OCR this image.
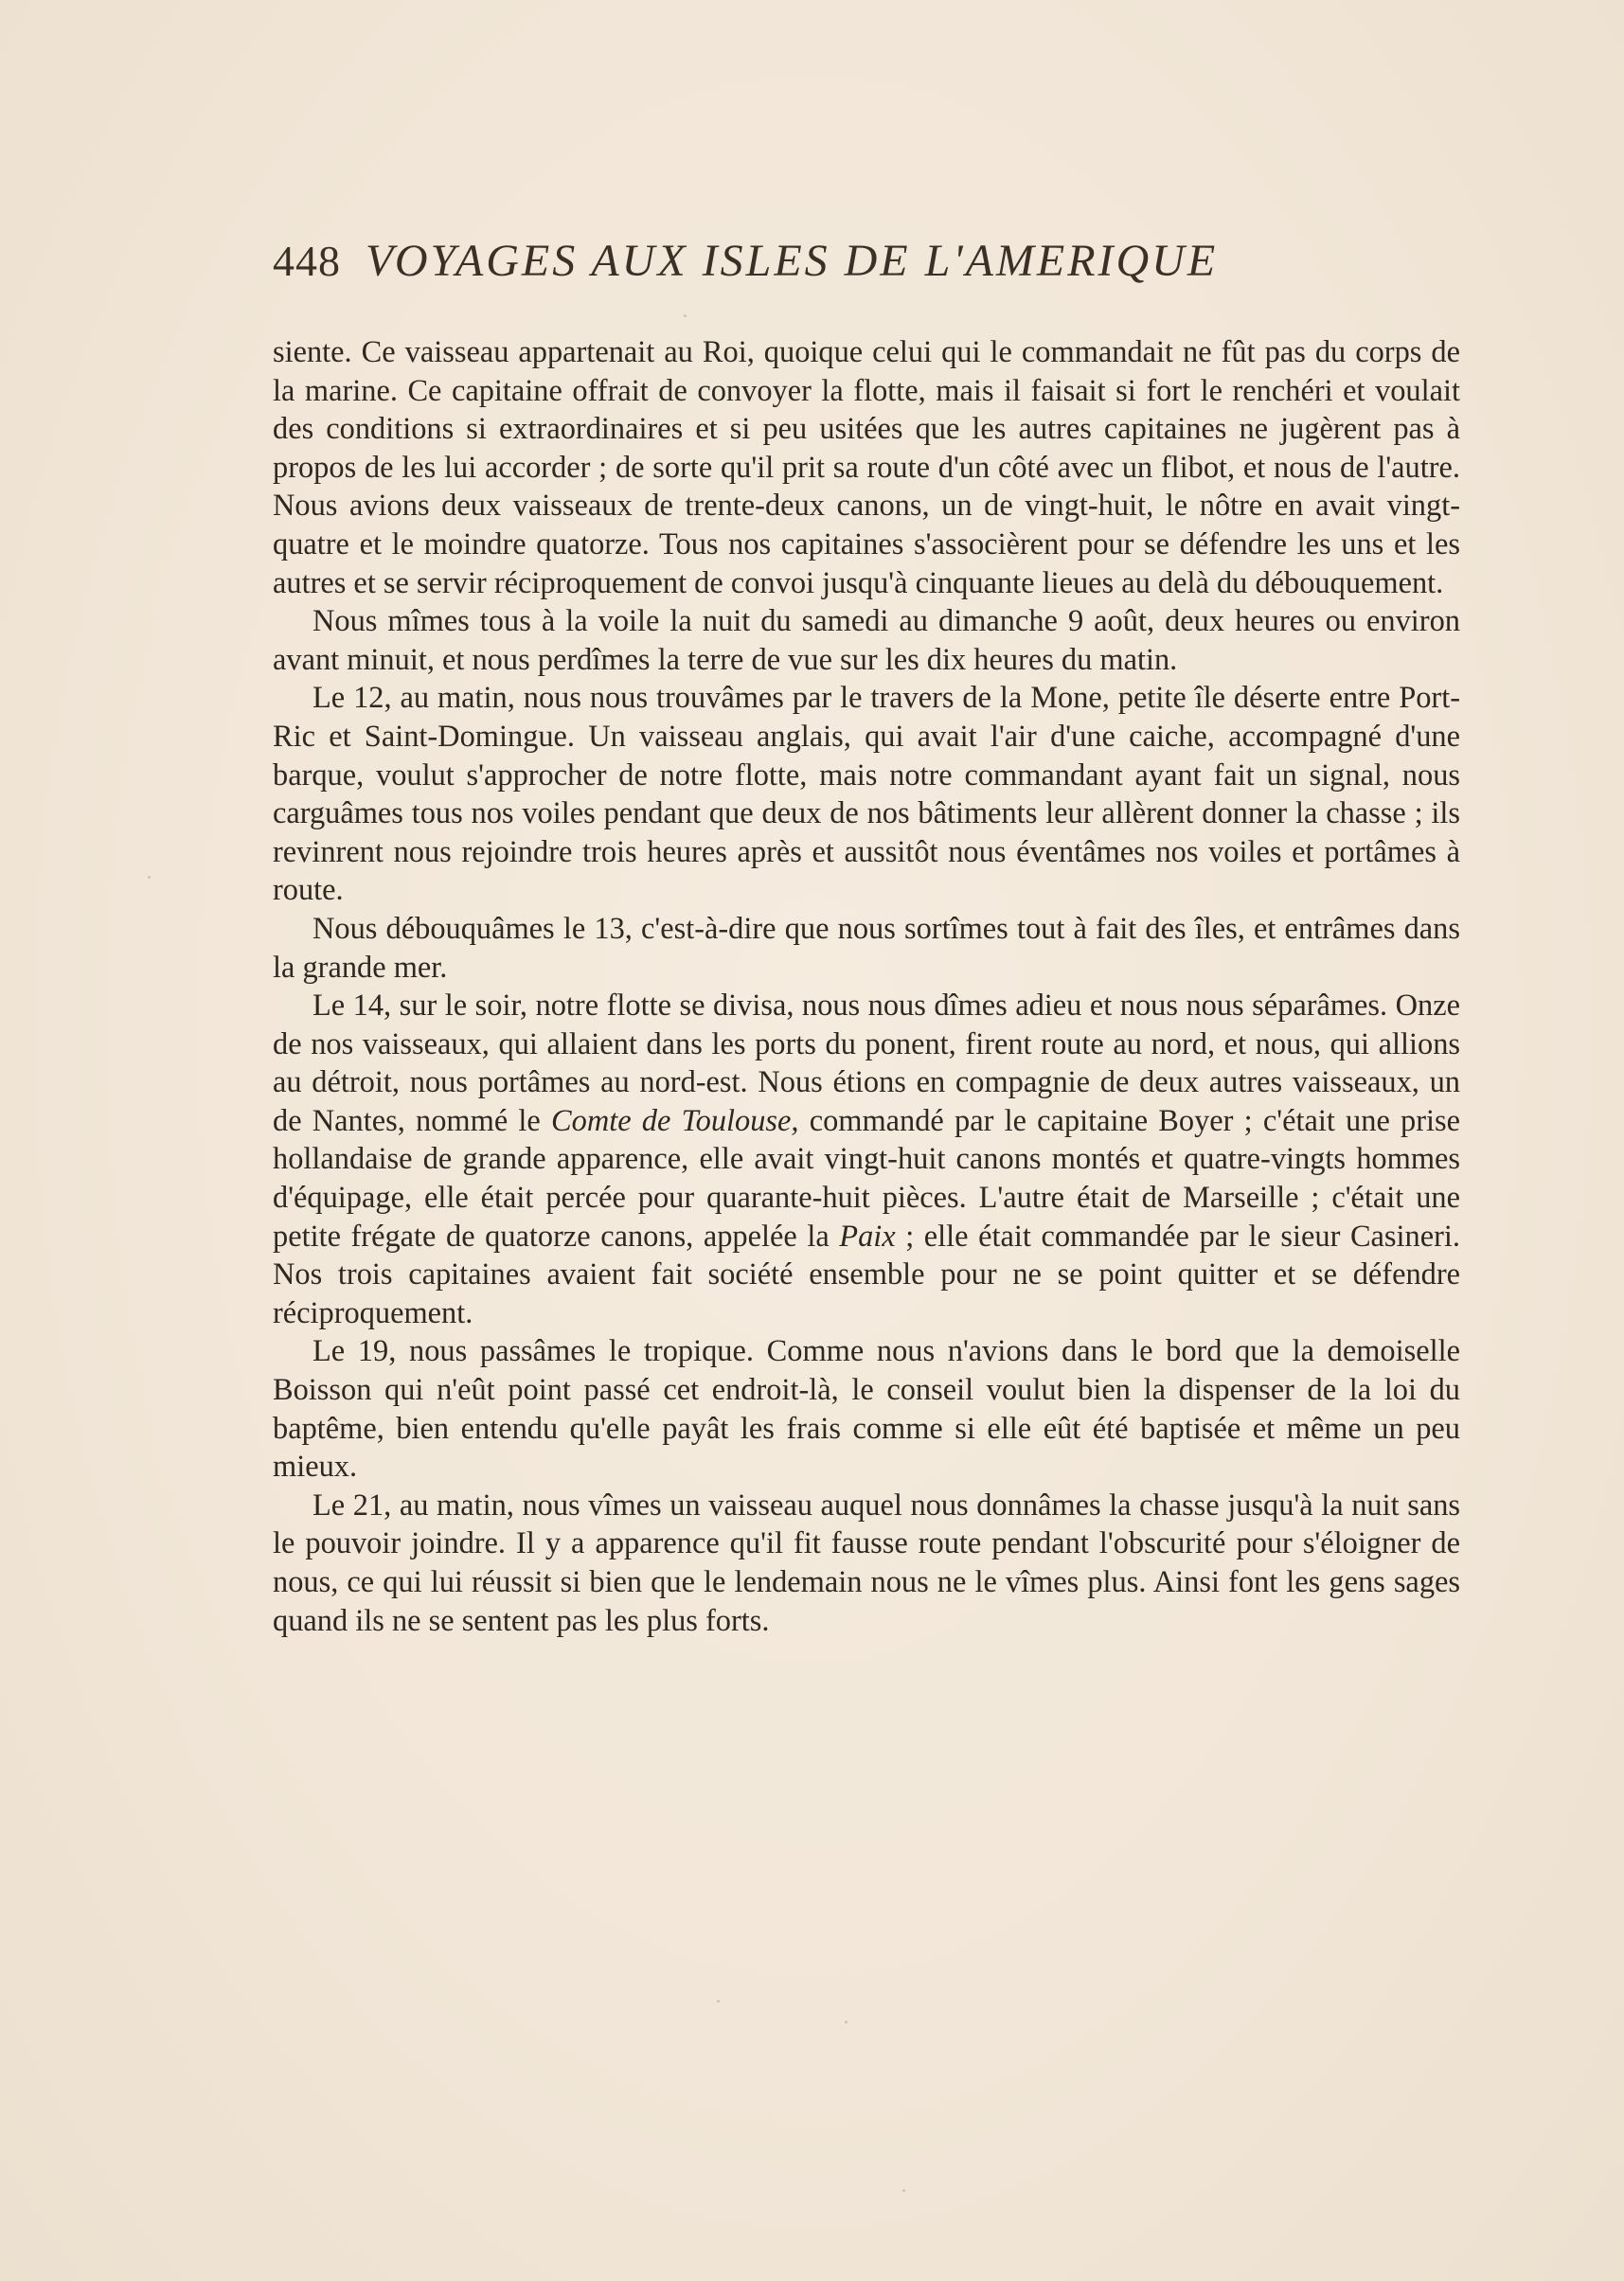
448 VOYAGES AUX ISLES DE L'AMERIQUE

siente. Ce vaisseau appartenait au Roi, quoique celui qui le commandait ne fût pas du corps de la marine. Ce capitaine offrait de convoyer la flotte, mais il faisait si fort le renchéri et voulait des conditions si extraordinaires et si peu usitées que les autres capitaines ne jugèrent pas à propos de les lui accorder ; de sorte qu'il prit sa route d'un côté avec un flibot, et nous de l'autre. Nous avions deux vaisseaux de trente-deux canons, un de vingt-huit, le nôtre en avait vingt-quatre et le moindre quatorze. Tous nos capitaines s'associèrent pour se défendre les uns et les autres et se servir réciproquement de convoi jusqu'à cinquante lieues au delà du débouquement.

Nous mîmes tous à la voile la nuit du samedi au dimanche 9 août, deux heures ou environ avant minuit, et nous perdîmes la terre de vue sur les dix heures du matin.

Le 12, au matin, nous nous trouvâmes par le travers de la Mone, petite île déserte entre Port-Ric et Saint-Domingue. Un vaisseau anglais, qui avait l'air d'une caiche, accompagné d'une barque, voulut s'approcher de notre flotte, mais notre commandant ayant fait un signal, nous carguâmes tous nos voiles pendant que deux de nos bâtiments leur allèrent donner la chasse ; ils revinrent nous rejoindre trois heures après et aussitôt nous éventâmes nos voiles et portâmes à route.

Nous débouquâmes le 13, c'est-à-dire que nous sortîmes tout à fait des îles, et entrâmes dans la grande mer.

Le 14, sur le soir, notre flotte se divisa, nous nous dîmes adieu et nous nous séparâmes. Onze de nos vaisseaux, qui allaient dans les ports du ponent, firent route au nord, et nous, qui allions au détroit, nous portâmes au nord-est. Nous étions en compagnie de deux autres vaisseaux, un de Nantes, nommé le Comte de Toulouse, commandé par le capitaine Boyer ; c'était une prise hollandaise de grande apparence, elle avait vingt-huit canons montés et quatre-vingts hommes d'équipage, elle était percée pour quarante-huit pièces. L'autre était de Marseille ; c'était une petite frégate de quatorze canons, appelée la Paix ; elle était commandée par le sieur Casineri. Nos trois capitaines avaient fait société ensemble pour ne se point quitter et se défendre réciproquement.

Le 19, nous passâmes le tropique. Comme nous n'avions dans le bord que la demoiselle Boisson qui n'eût point passé cet endroit-là, le conseil voulut bien la dispenser de la loi du baptême, bien entendu qu'elle payât les frais comme si elle eût été baptisée et même un peu mieux.

Le 21, au matin, nous vîmes un vaisseau auquel nous donnâmes la chasse jusqu'à la nuit sans le pouvoir joindre. Il y a apparence qu'il fit fausse route pendant l'obscurité pour s'éloigner de nous, ce qui lui réussit si bien que le lendemain nous ne le vîmes plus. Ainsi font les gens sages quand ils ne se sentent pas les plus forts.
